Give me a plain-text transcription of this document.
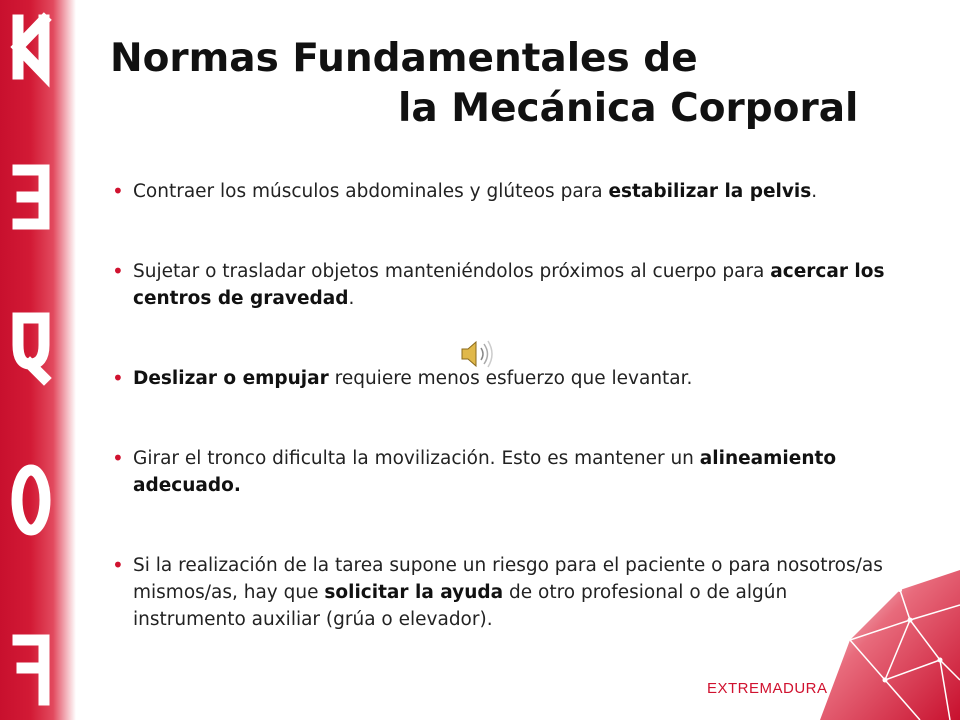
Normas Fundamentales de
la Mecánica Corporal
• Contraer los músculos abdominales y glúteos para estabilizar la pelvis.
• Sujetar o trasladar objetos manteniéndolos próximos al cuerpo para acercar los centros de gravedad.
• Deslizar o empujar requiere menos esfuerzo que levantar.
• Girar el tronco dificulta la movilización. Esto es mantener un alineamiento adecuado.
• Si la realización de la tarea supone un riesgo para el paciente o para nosotros/as mismos/as, hay que solicitar la ayuda de otro profesional o de algún instrumento auxiliar (grúa o elevador).
EXTREMADURA
